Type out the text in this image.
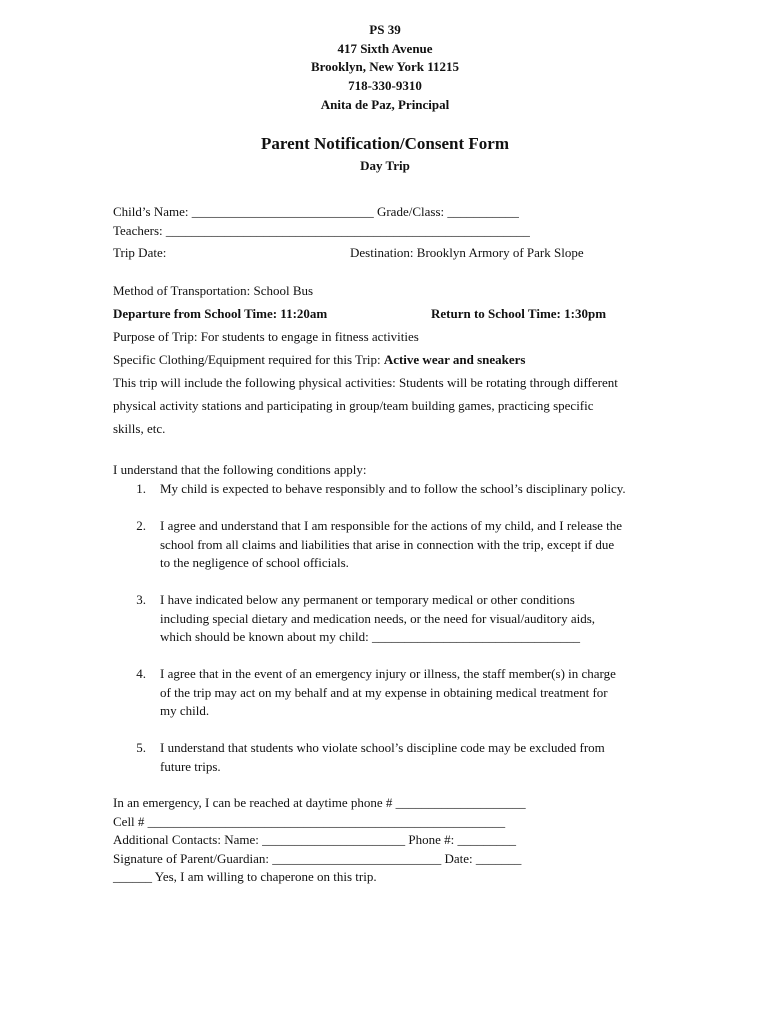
PS 39
417 Sixth Avenue
Brooklyn, New York 11215
718-330-9310
Anita de Paz, Principal
Parent Notification/Consent Form
Day Trip
Child’s Name: ____________________________ Grade/Class: ___________
Teachers: ________________________________________________________
Trip Date:	Destination: Brooklyn Armory of Park Slope
Method of Transportation: School Bus
Departure from School Time: 11:20am	Return to School Time: 1:30pm
Purpose of Trip: For students to engage in fitness activities
Specific Clothing/Equipment required for this Trip: Active wear and sneakers
This trip will include the following physical activities: Students will be rotating through different
physical activity stations and participating in group/team building games, practicing specific
skills, etc.
I understand that the following conditions apply:
1. My child is expected to behave responsibly and to follow the school’s disciplinary policy.
2. I agree and understand that I am responsible for the actions of my child, and I release the
school from all claims and liabilities that arise in connection with the trip, except if due
to the negligence of school officials.
3. I have indicated below any permanent or temporary medical or other conditions
including special dietary and medication needs, or the need for visual/auditory aids,
which should be known about my child: ________________________________
4. I agree that in the event of an emergency injury or illness, the staff member(s) in charge
of the trip may act on my behalf and at my expense in obtaining medical treatment for
my child.
5. I understand that students who violate school’s discipline code may be excluded from
future trips.
In an emergency, I can be reached at daytime phone # ____________________
Cell # _______________________________________________________
Additional Contacts: Name: ______________________ Phone #: _________
Signature of Parent/Guardian: __________________________ Date: _______
______ Yes, I am willing to chaperone on this trip.
